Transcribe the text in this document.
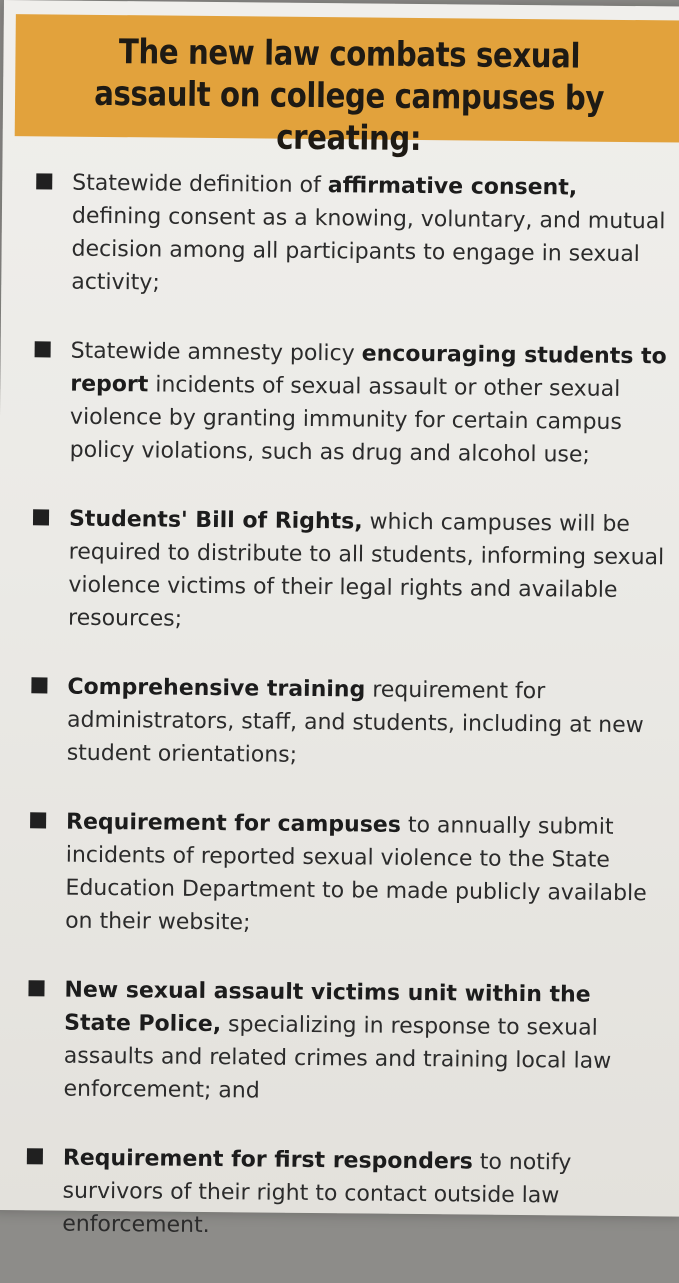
The new law combats sexual assault on college campuses by creating:
Statewide definition of affirmative consent, defining consent as a knowing, voluntary, and mutual decision among all participants to engage in sexual activity;
Statewide amnesty policy encouraging students to report incidents of sexual assault or other sexual violence by granting immunity for certain campus policy violations, such as drug and alcohol use;
Students' Bill of Rights, which campuses will be required to distribute to all students, informing sexual violence victims of their legal rights and available resources;
Comprehensive training requirement for administrators, staff, and students, including at new student orientations;
Requirement for campuses to annually submit incidents of reported sexual violence to the State Education Department to be made publicly available on their website;
New sexual assault victims unit within the State Police, specializing in response to sexual assaults and related crimes and training local law enforcement; and
Requirement for first responders to notify survivors of their right to contact outside law enforcement.
